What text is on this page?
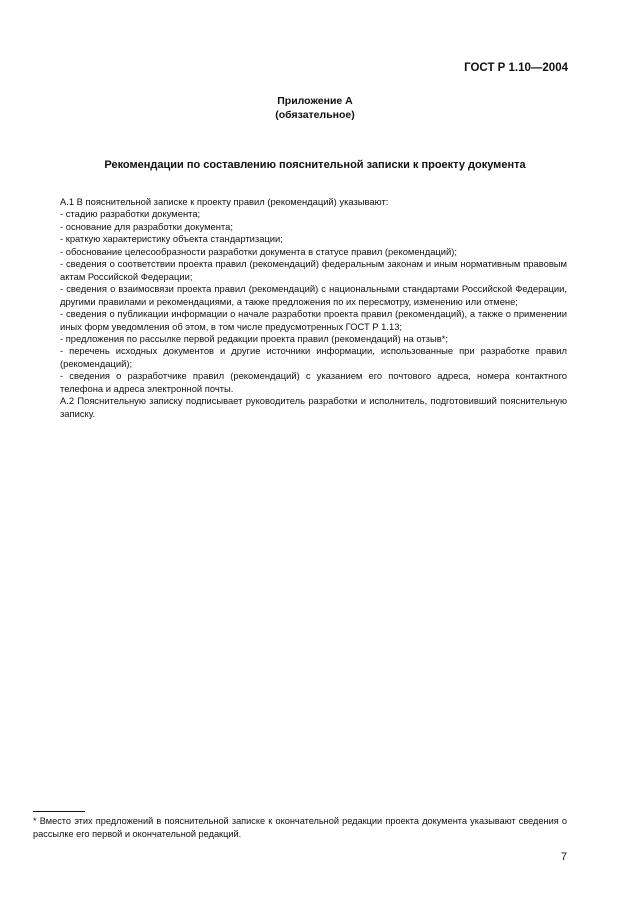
ГОСТ Р 1.10—2004
Приложение А
(обязательное)
Рекомендации по составлению пояснительной записки к проекту документа

А.1 В пояснительной записке к проекту правил (рекомендаций) указывают:

- стадию разработки документа;

- основание для разработки документа;

- краткую характеристику объекта стандартизации;

- обоснование целесообразности разработки документа в статусе правил (рекомендаций);

- сведения о соответствии проекта правил (рекомендаций) федеральным законам и иным нормативным правовым актам Российской Федерации;

- сведения о взаимосвязи проекта правил (рекомендаций) с национальными стандартами Российской Федерации, другими правилами и рекомендациями, а также предложения по их пересмотру, изменению или отмене;

- сведения о публикации информации о начале разработки проекта правил (рекомендаций), а также о применении иных форм уведомления об этом, в том числе предусмотренных ГОСТ Р 1.13;

- предложения по рассылке первой редакции проекта правил (рекомендаций) на отзыв*;

- перечень исходных документов и другие источники информации, использованные при разработке правил (рекомендаций);

- сведения о разработчике правил (рекомендаций) с указанием его почтового адреса, номера контактного телефона и адреса электронной почты.

А.2 Пояснительную записку подписывает руководитель разработки и исполнитель, подготовивший пояснительную записку.

* Вместо этих предложений в пояснительной записке к окончательной редакции проекта документа указывают сведения о рассылке его первой и окончательной редакций.
7
